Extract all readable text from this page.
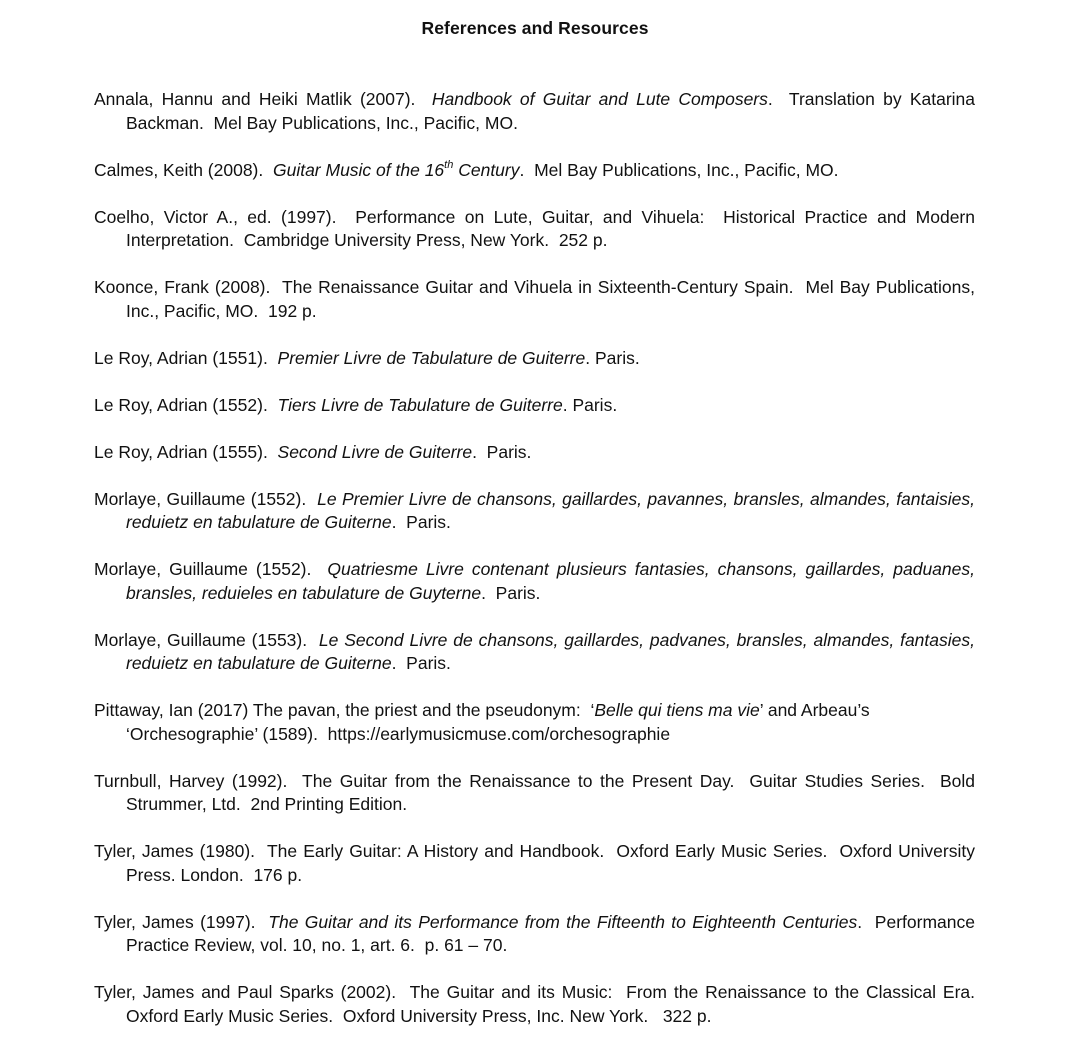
References and Resources

Annala, Hannu and Heiki Matlik (2007).  Handbook of Guitar and Lute Composers.  Translation by Katarina Backman.  Mel Bay Publications, Inc., Pacific, MO.

Calmes, Keith (2008).  Guitar Music of the 16th Century.  Mel Bay Publications, Inc., Pacific, MO.

Coelho, Victor A., ed. (1997).  Performance on Lute, Guitar, and Vihuela:  Historical Practice and Modern Interpretation.  Cambridge University Press, New York.  252 p.

Koonce, Frank (2008).  The Renaissance Guitar and Vihuela in Sixteenth-Century Spain.  Mel Bay Publications, Inc., Pacific, MO.  192 p.

Le Roy, Adrian (1551).  Premier Livre de Tabulature de Guiterre. Paris.

Le Roy, Adrian (1552).  Tiers Livre de Tabulature de Guiterre. Paris.

Le Roy, Adrian (1555).  Second Livre de Guiterre.  Paris.

Morlaye, Guillaume (1552).  Le Premier Livre de chansons, gaillardes, pavannes, bransles, almandes, fantaisies, reduietz en tabulature de Guiterne.  Paris.

Morlaye, Guillaume (1552).  Quatriesme Livre contenant plusieurs fantasies, chansons, gaillardes, paduanes, bransles, reduieles en tabulature de Guyterne.  Paris.

Morlaye, Guillaume (1553).  Le Second Livre de chansons, gaillardes, padvanes, bransles, almandes, fantasies, reduietz en tabulature de Guiterne.  Paris.

Pittaway, Ian (2017) The pavan, the priest and the pseudonym:  ‘Belle qui tiens ma vie’ and Arbeau’s ‘Orchesographie’ (1589).  https://earlymusicmuse.com/orchesographie

Turnbull, Harvey (1992).  The Guitar from the Renaissance to the Present Day.  Guitar Studies Series.  Bold Strummer, Ltd.  2nd Printing Edition.

Tyler, James (1980).  The Early Guitar: A History and Handbook.  Oxford Early Music Series.  Oxford University Press. London.  176 p.

Tyler, James (1997).  The Guitar and its Performance from the Fifteenth to Eighteenth Centuries.  Performance Practice Review, vol. 10, no. 1, art. 6.  p. 61 – 70.

Tyler, James and Paul Sparks (2002).  The Guitar and its Music:  From the Renaissance to the Classical Era.  Oxford Early Music Series.  Oxford University Press, Inc. New York.   322 p.
